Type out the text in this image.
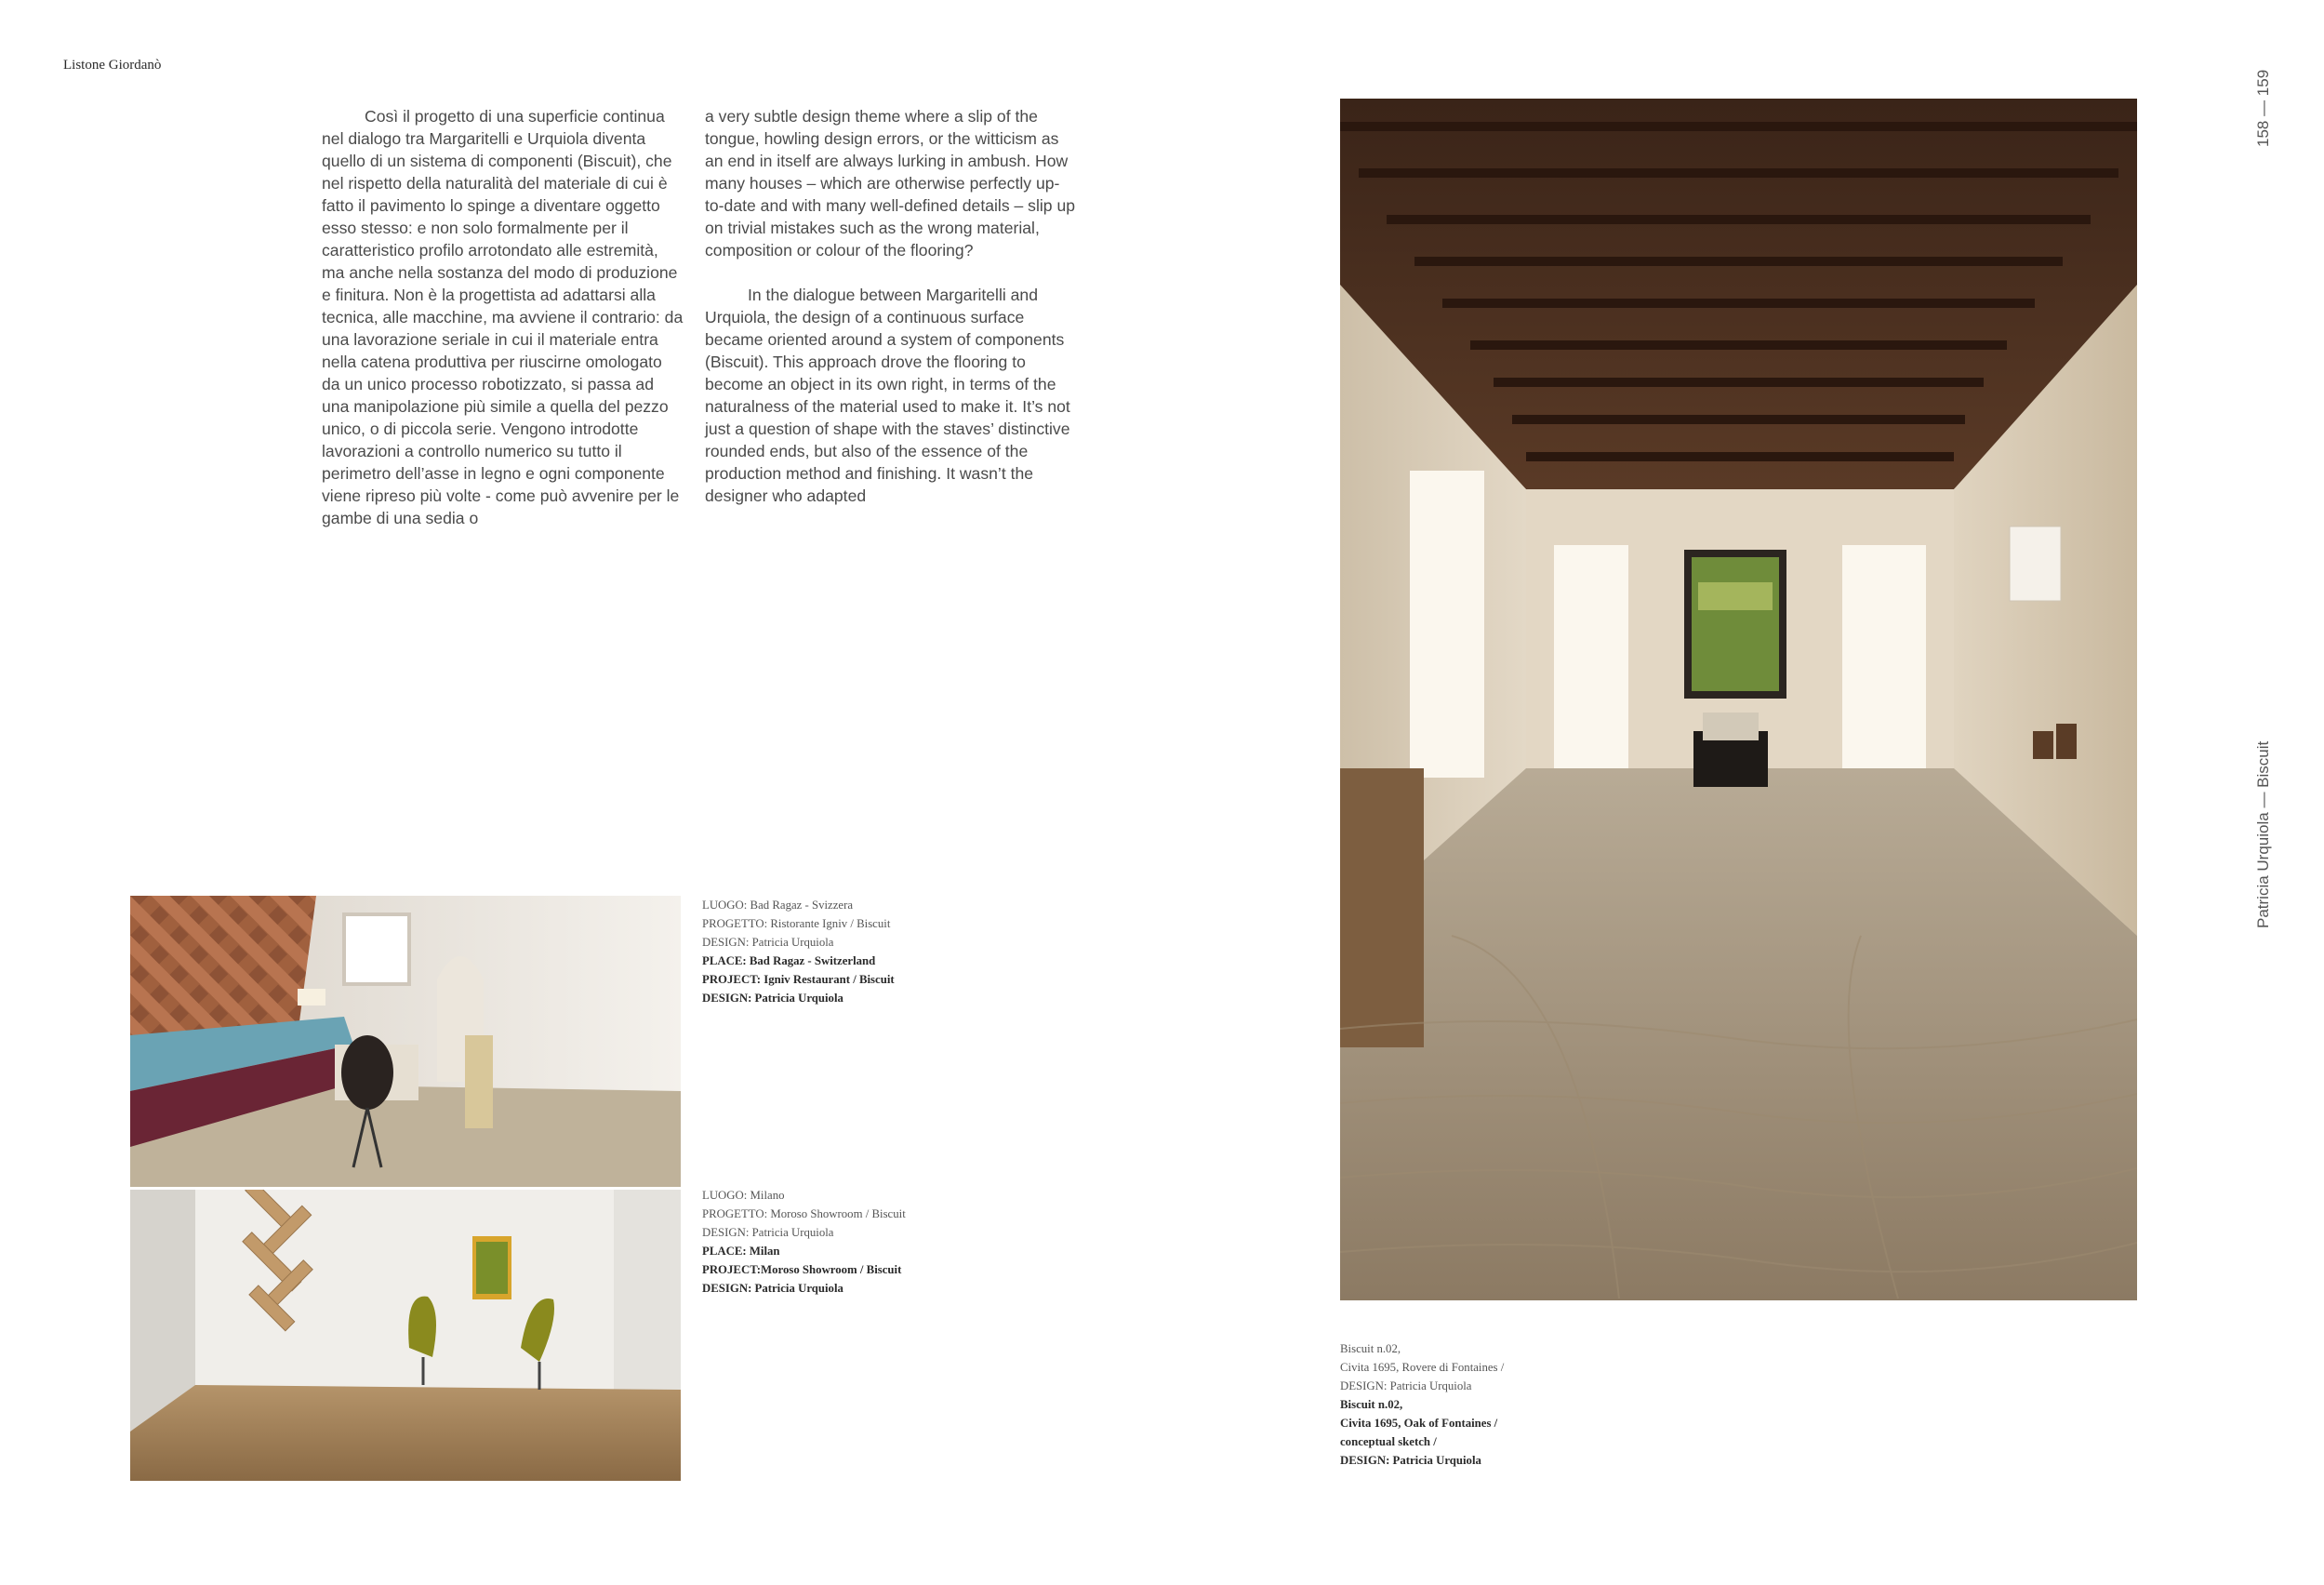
Listone Giordanò

Così il progetto di una superficie continua nel dialogo tra Margaritelli e Urquiola diventa quello di un sistema di componenti (Biscuit), che nel rispetto della naturalità del materiale di cui è fatto il pavimento lo spinge a diventare oggetto esso stesso: e non solo formalmente per il caratteristico profilo arrotondato alle estremità, ma anche nella sostanza del modo di produzione e finitura. Non è la progettista ad adattarsi alla tecnica, alle macchine, ma avviene il contrario: da una lavorazione seriale in cui il materiale entra nella catena produttiva per riuscirne omologato da un unico processo robotizzato, si passa ad una manipolazione più simile a quella del pezzo unico, o di piccola serie. Vengono introdotte lavorazioni a controllo numerico su tutto il perimetro dell’asse in legno e ogni componente viene ripreso più volte - come può avvenire per le gambe di una sedia o

a very subtle design theme where a slip of the tongue, howling design errors, or the witticism as an end in itself are always lurking in ambush. How many houses – which are otherwise perfectly up-to-date and with many well-defined details – slip up on trivial mistakes such as the wrong material, composition or colour of the flooring?

In the dialogue between Margaritelli and Urquiola, the design of a continuous surface became oriented around a system of components (Biscuit). This approach drove the flooring to become an object in its own right, in terms of the naturalness of the material used to make it. It’s not just a question of shape with the staves’ distinctive rounded ends, but also of the essence of the production method and finishing. It wasn’t the designer who adapted

LUOGO: Bad Ragaz - Svizzera
PROGETTO: Ristorante Igniv / Biscuit
DESIGN: Patricia Urquiola
PLACE: Bad Ragaz - Switzerland
PROJECT: Igniv Restaurant / Biscuit
DESIGN: Patricia Urquiola
LUOGO: Milano
PROGETTO: Moroso Showroom / Biscuit
DESIGN: Patricia Urquiola
PLACE: Milan
PROJECT:Moroso Showroom / Biscuit
DESIGN: Patricia Urquiola
Biscuit n.02,
Civita 1695, Rovere di Fontaines /
DESIGN: Patricia Urquiola
Biscuit n.02,
Civita 1695, Oak of Fontaines /
conceptual sketch /
DESIGN: Patricia Urquiola
158 — 159
Patricia Urquiola — Biscuit
